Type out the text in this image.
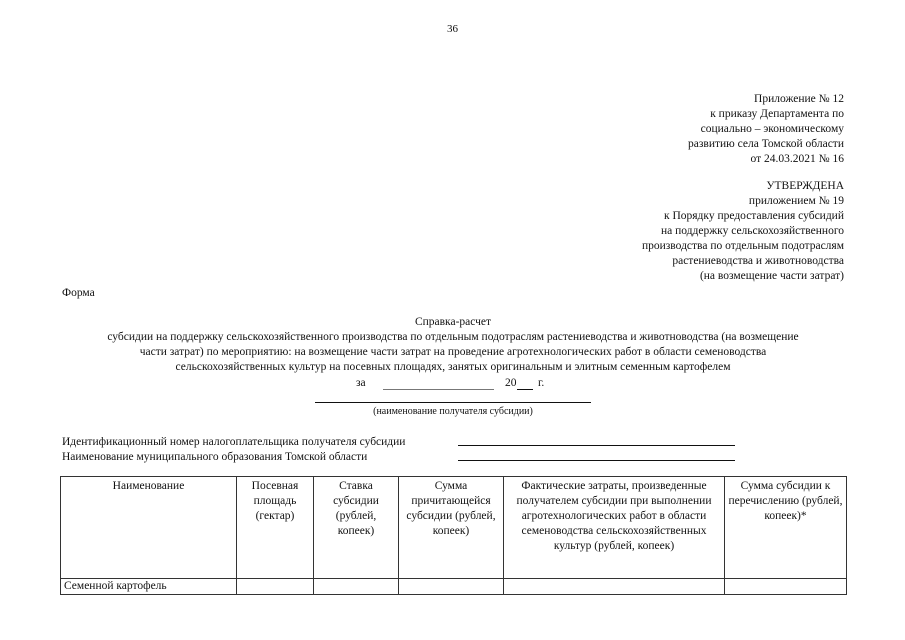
36
Приложение № 12
к приказу Департамента по
социально – экономическому
развитию села Томской области
от 24.03.2021 № 16
УТВЕРЖДЕНА
приложением № 19
к Порядку предоставления субсидий
на поддержку сельскохозяйственного
производства по отдельным подотраслям
растениеводства и животноводства
(на возмещение части затрат)
Форма
Справка-расчет
субсидии на поддержку сельскохозяйственного производства по отдельным подотраслям растениеводства и животноводства (на возмещение
части затрат) по мероприятию: на возмещение части затрат на проведение агротехнологических работ в области семеноводства
сельскохозяйственных культур на посевных площадях, занятых оригинальным и элитным семенным картофелем
за	20 г.
(наименование получателя субсидии)
Идентификационный номер налогоплательщика получателя субсидии
Наименование муниципального образования Томской области
Наименование	Посевная площадь (гектар)	Ставка субсидии (рублей, копеек)	Сумма причитающейся субсидии (рублей, копеек)	Фактические затраты, произведенные получателем субсидии при выполнении агротехнологических работ в области семеноводства сельскохозяйственных культур (рублей, копеек)	Сумма субсидии к перечислению (рублей, копеек)*
Семенной картофель					
